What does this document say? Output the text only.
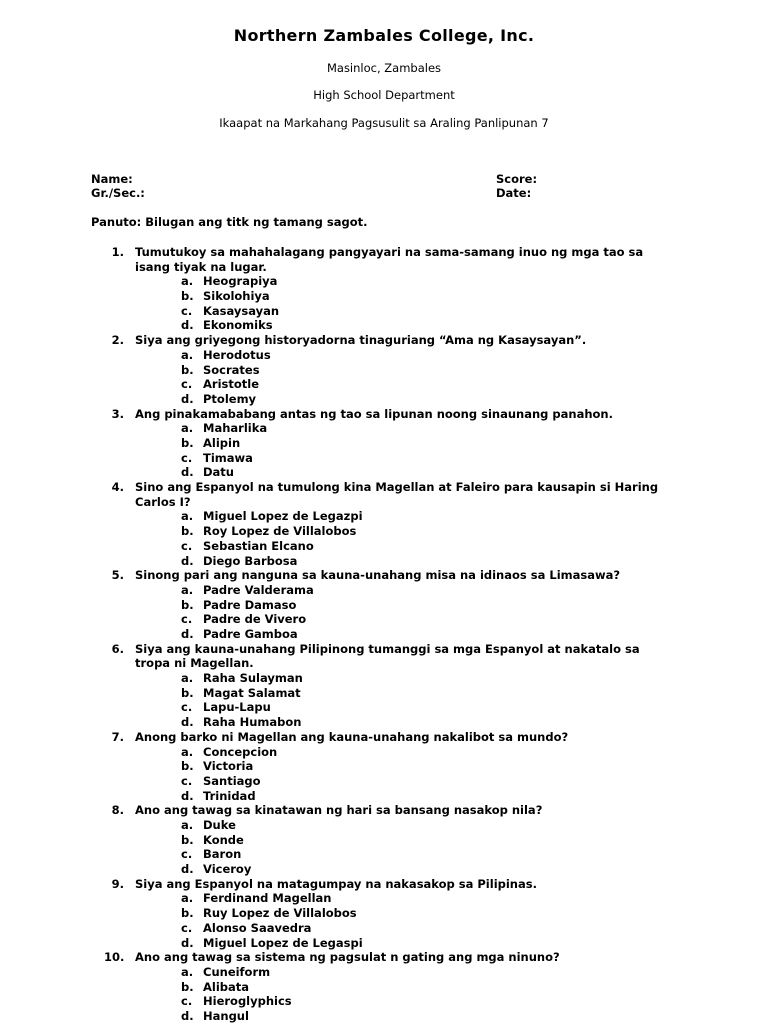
Northern Zambales College, Inc.
Masinloc, Zambales
High School Department
Ikaapat na Markahang Pagsusulit sa Araling Panlipunan 7
Name:
Gr./Sec.:
Score:
Date:
Panuto: Bilugan ang titk ng tamang sagot.
1. Tumutukoy sa mahahalagang pangyayari na sama-samang inuo ng mga tao sa isang tiyak na lugar.
a. Heograpiya
b. Sikolohiya
c. Kasaysayan
d. Ekonomiks
2. Siya ang griyegong historyadorna tinaguriang “Ama ng Kasaysayan”.
a. Herodotus
b. Socrates
c. Aristotle
d. Ptolemy
3. Ang pinakamababang antas ng tao sa lipunan noong sinaunang panahon.
a. Maharlika
b. Alipin
c. Timawa
d. Datu
4. Sino ang Espanyol na tumulong kina Magellan at Faleiro para kausapin si Haring Carlos I?
a. Miguel Lopez de Legazpi
b. Roy Lopez de Villalobos
c. Sebastian Elcano
d. Diego Barbosa
5. Sinong pari ang nanguna sa kauna-unahang misa na idinaos sa Limasawa?
a. Padre Valderama
b. Padre Damaso
c. Padre de Vivero
d. Padre Gamboa
6. Siya ang kauna-unahang Pilipinong tumanggi sa mga Espanyol at nakatalo sa tropa ni Magellan.
a. Raha Sulayman
b. Magat Salamat
c. Lapu-Lapu
d. Raha Humabon
7. Anong barko ni Magellan ang kauna-unahang nakalibot sa mundo?
a. Concepcion
b. Victoria
c. Santiago
d. Trinidad
8. Ano ang tawag sa kinatawan ng hari sa bansang nasakop nila?
a. Duke
b. Konde
c. Baron
d. Viceroy
9. Siya ang Espanyol na matagumpay na nakasakop sa Pilipinas.
a. Ferdinand Magellan
b. Ruy Lopez de Villalobos
c. Alonso Saavedra
d. Miguel Lopez de Legaspi
10. Ano ang tawag sa sistema ng pagsulat n gating ang mga ninuno?
a. Cuneiform
b. Alibata
c. Hieroglyphics
d. Hangul
